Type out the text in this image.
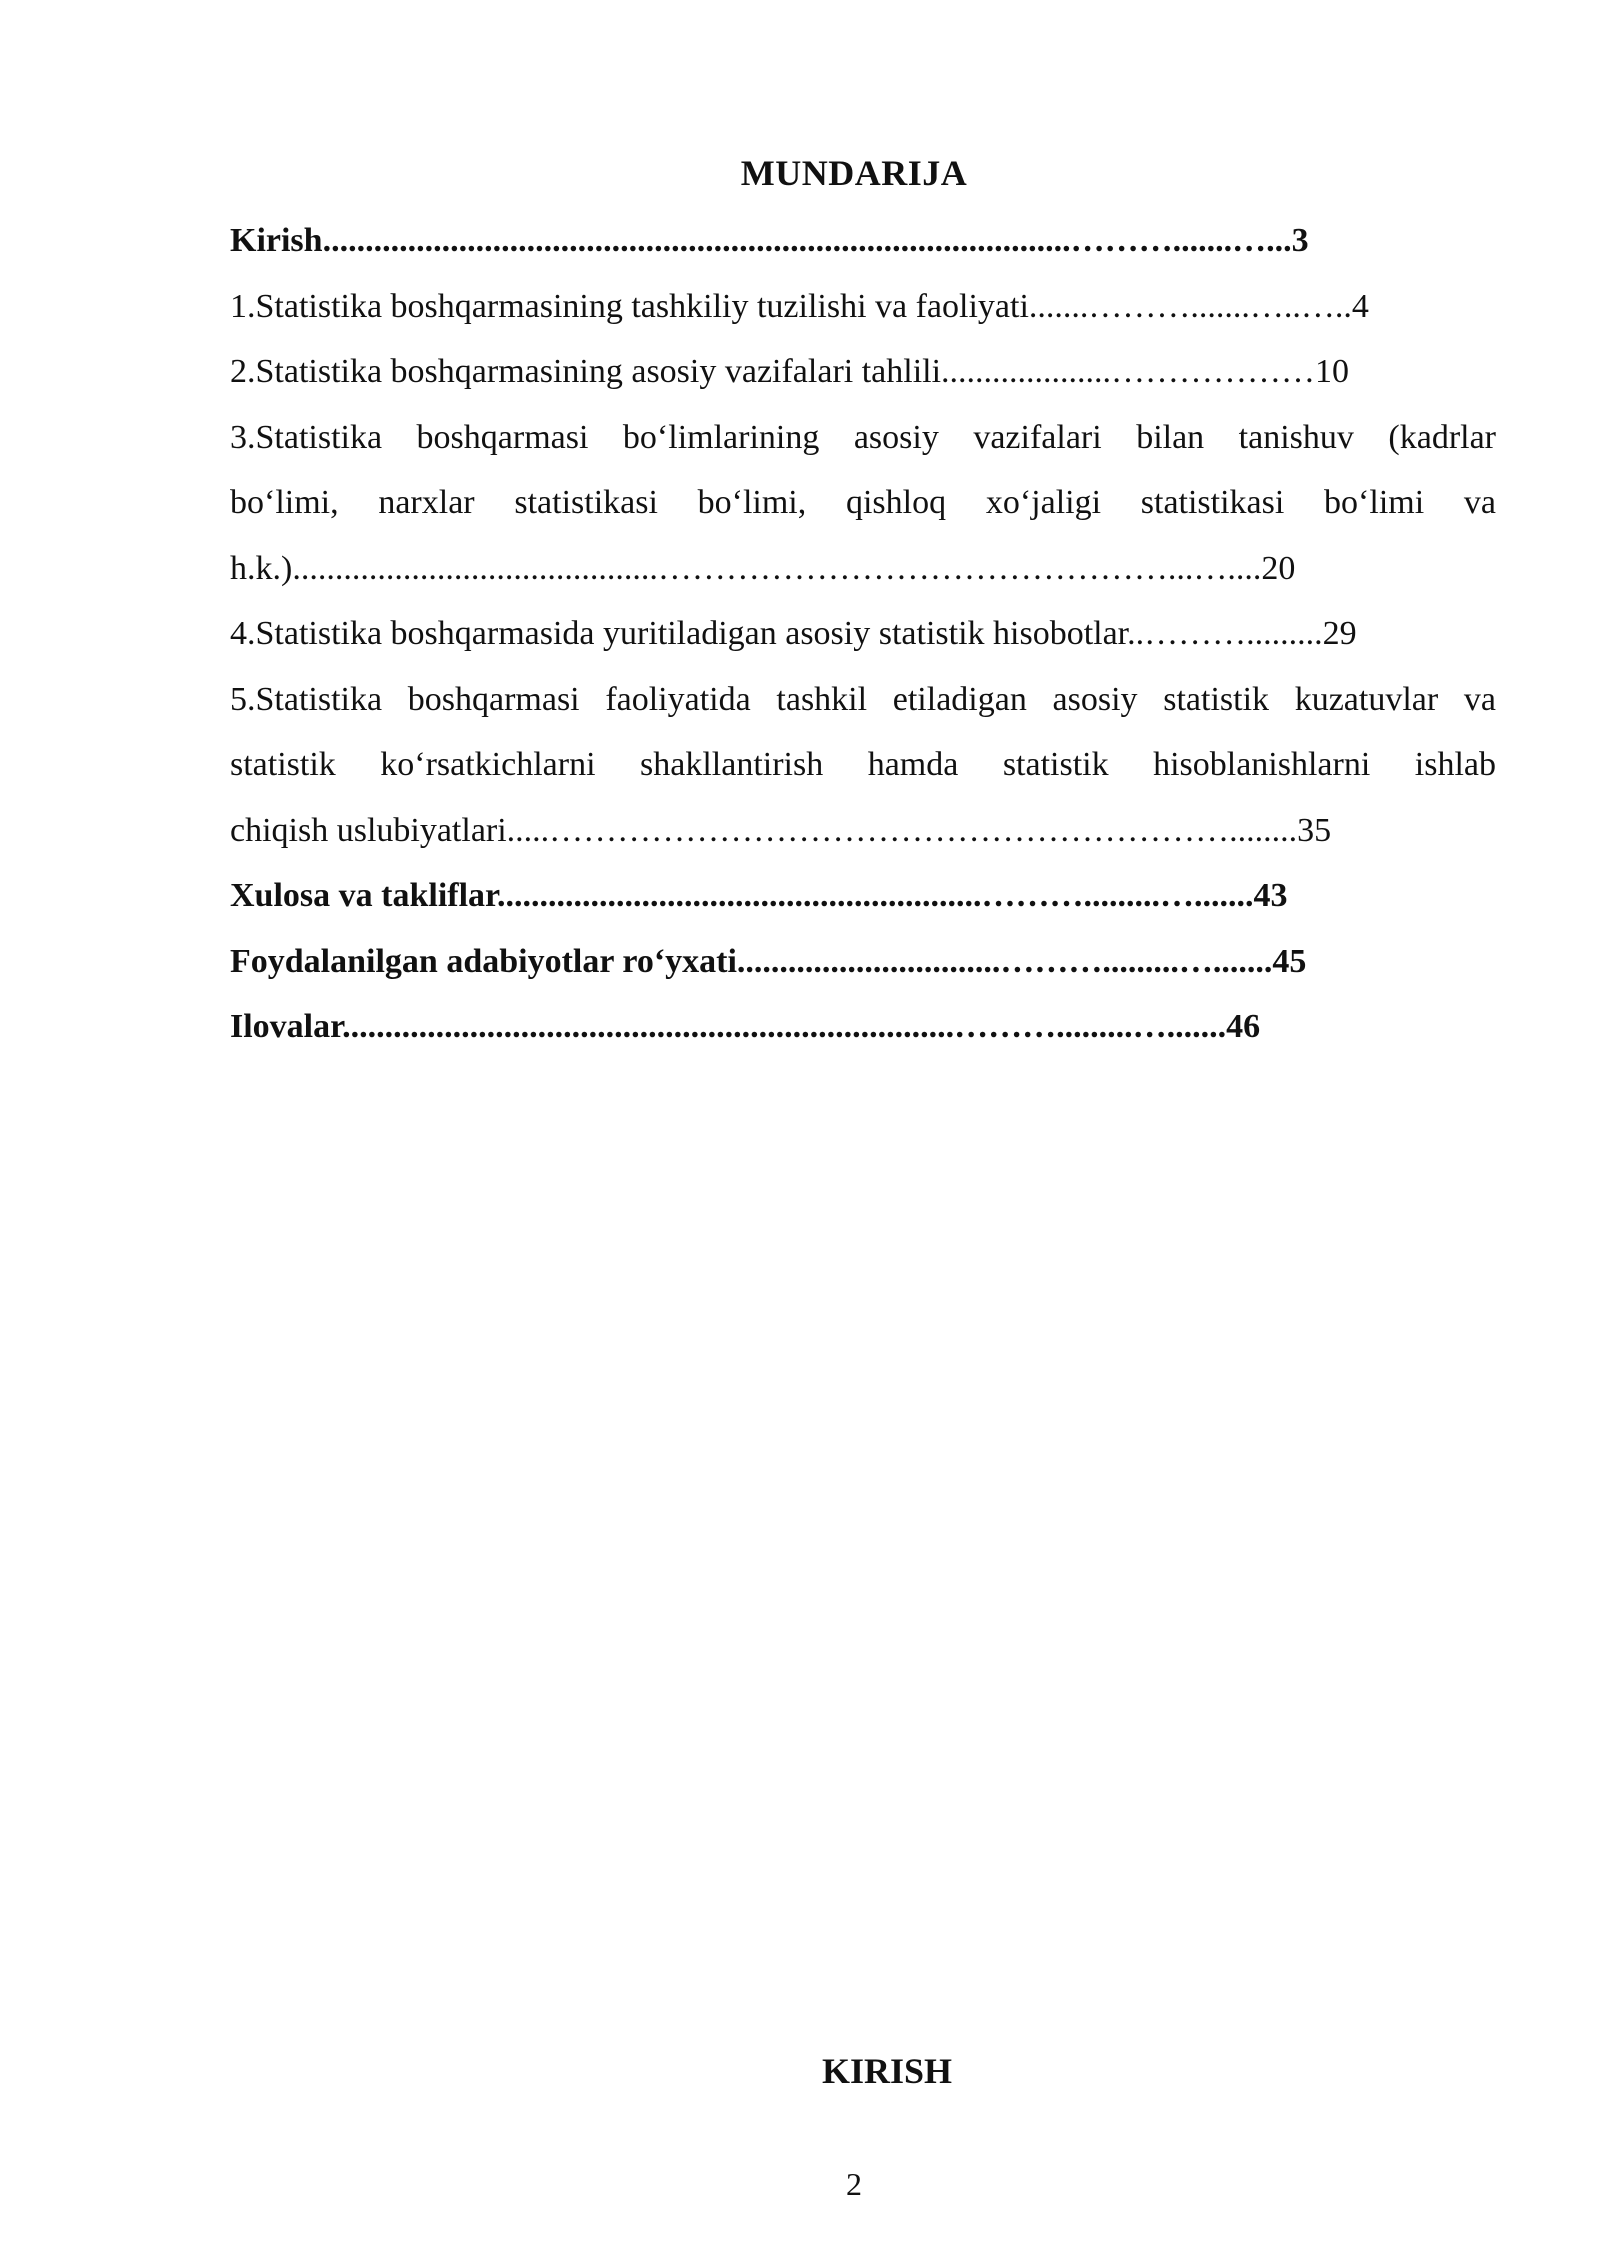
MUNDARIJA
Kirish........................................................................................……….......…...3
1.Statistika boshqarmasining tashkiliy tuzilishi va faoliyati.......……….......…..…..4
2.Statistika boshqarmasining asosiy vazifalari tahlili....................………………10
3.Statistika boshqarmasi bo‘limlarining asosiy vazifalari bilan tanishuv (kadrlar
bo‘limi, narxlar statistikasi bo‘limi, qishloq xo‘jaligi statistikasi bo‘limi va
h.k.)...........................................………………………………………...…....20
4.Statistika boshqarmasida yuritiladigan asosiy statistik hisobotlar..……….........29
5.Statistika boshqarmasi faoliyatida tashkil etiladigan asosiy statistik kuzatuvlar va
statistik ko‘rsatkichlarni shakllantirish hamda statistik hisoblanishlarni ishlab
chiqish uslubiyatlari.....……………………………………………………........35
Xulosa va takliflar.........................................................……….........….......43
Foydalanilgan adabiyotlar ro‘yxati...............................……….........….......45
Ilovalar........................................................................……….........….......46
KIRISH
2
